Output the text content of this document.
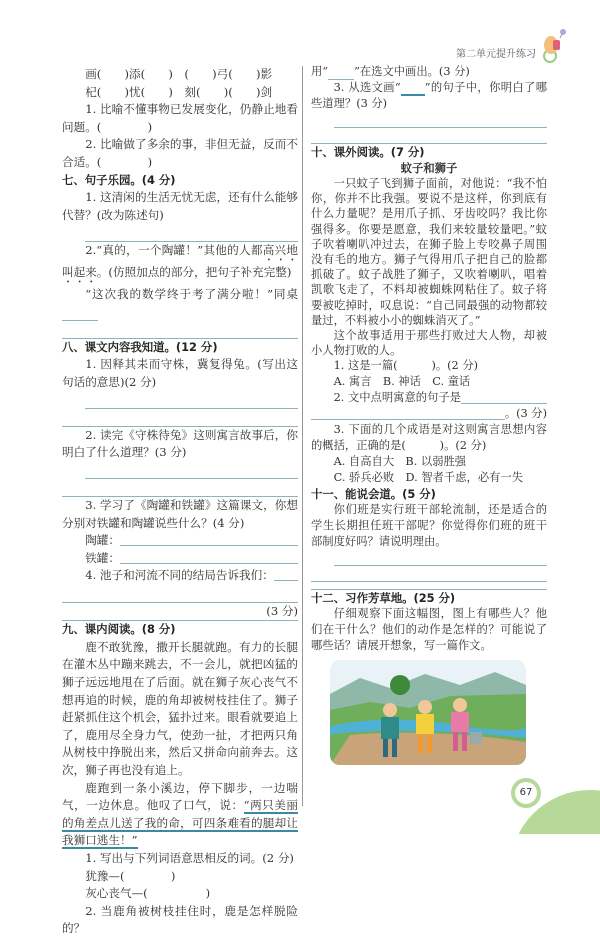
第二单元提升练习

画(　　)添(　　)　(　　)弓(　　)影

杞(　　)忧(　　)　刻(　　)(　　)剑

1. 比喻不懂事物已发展变化，仍静止地看问题。(　　　　)

2. 比喻做了多余的事，非但无益，反而不合适。(　　　　)

七、句子乐园。(4 分)

1. 这清闲的生活无忧无虑，还有什么能够代替？(改为陈述句)

2.“真的，一个陶罐！”其他的人都高兴地叫起来。(仿照加点的部分，把句子补充完整)

“这次我的数学终于考了满分啦！”同桌

八、课文内容我知道。(12 分)

1. 因释其耒而守株，冀复得兔。(写出这句话的意思)(2 分)

2. 读完《守株待兔》这则寓言故事后，你明白了什么道理？(3 分)

3. 学习了《陶罐和铁罐》这篇课文，你想分别对铁罐和陶罐说些什么？(4 分)

陶罐：

铁罐：

4. 池子和河流不同的结局告诉我们：

(3 分)

九、课内阅读。(8 分)

鹿不敢犹豫，撒开长腿就跑。有力的长腿在灌木丛中蹦来跳去，不一会儿，就把凶猛的狮子远远地甩在了后面。就在狮子灰心丧气不想再追的时候，鹿的角却被树枝挂住了。狮子赶紧抓住这个机会，猛扑过来。眼看就要追上了，鹿用尽全身力气，使劲一扯，才把两只角从树枝中挣脱出来，然后又拼命向前奔去。这次，狮子再也没有追上。

鹿跑到一条小溪边，停下脚步，一边喘气，一边休息。他叹了口气，说：“两只美丽的角差点儿送了我的命，可四条难看的腿却让我狮口逃生！”

1. 写出与下列词语意思相反的词。(2 分)

犹豫—(　　　　)

灰心丧气—(　　　　　)

2. 当鹿角被树枝挂住时，鹿是怎样脱险的？

用“ ”在选文中画出。(3 分)

3. 从选文画“ ”的句子中，你明白了哪些道理？(3 分)

十、课外阅读。(7 分)

蚊子和狮子

一只蚊子飞到狮子面前，对他说：“我不怕你，你并不比我强。要说不是这样，你到底有什么力量呢？是用爪子抓、牙齿咬吗？我比你强得多。你要是愿意，我们来较量较量吧。”蚊子吹着喇叭冲过去，在狮子脸上专咬鼻子周围没有毛的地方。狮子气得用爪子把自己的脸都抓破了。蚊子战胜了狮子，又吹着喇叭，唱着凯歌飞走了，不料却被蜘蛛网粘住了。蚊子将要被吃掉时，叹息说：“自己同最强的动物都较量过，不料被小小的蜘蛛消灭了。”

这个故事适用于那些打败过大人物，却被小人物打败的人。

1. 这是一篇(　　　)。(2 分)

A. 寓言　B. 神话　C. 童话

2. 文中点明寓意的句子是

。(3 分)

3. 下面的几个成语是对这则寓言思想内容的概括，正确的是(　　　)。(2 分)

A. 自高自大　B. 以弱胜强

C. 骄兵必败　D. 智者千虑，必有一失

十一、能说会道。(5 分)

你们班是实行班干部轮流制，还是适合的学生长期担任班干部呢？你觉得你们班的班干部制度好吗？请说明理由。

十二、习作芳草地。(25 分)

仔细观察下面这幅图，图上有哪些人？他们在干什么？他们的动作是怎样的？可能说了哪些话？请展开想象，写一篇作文。

67
